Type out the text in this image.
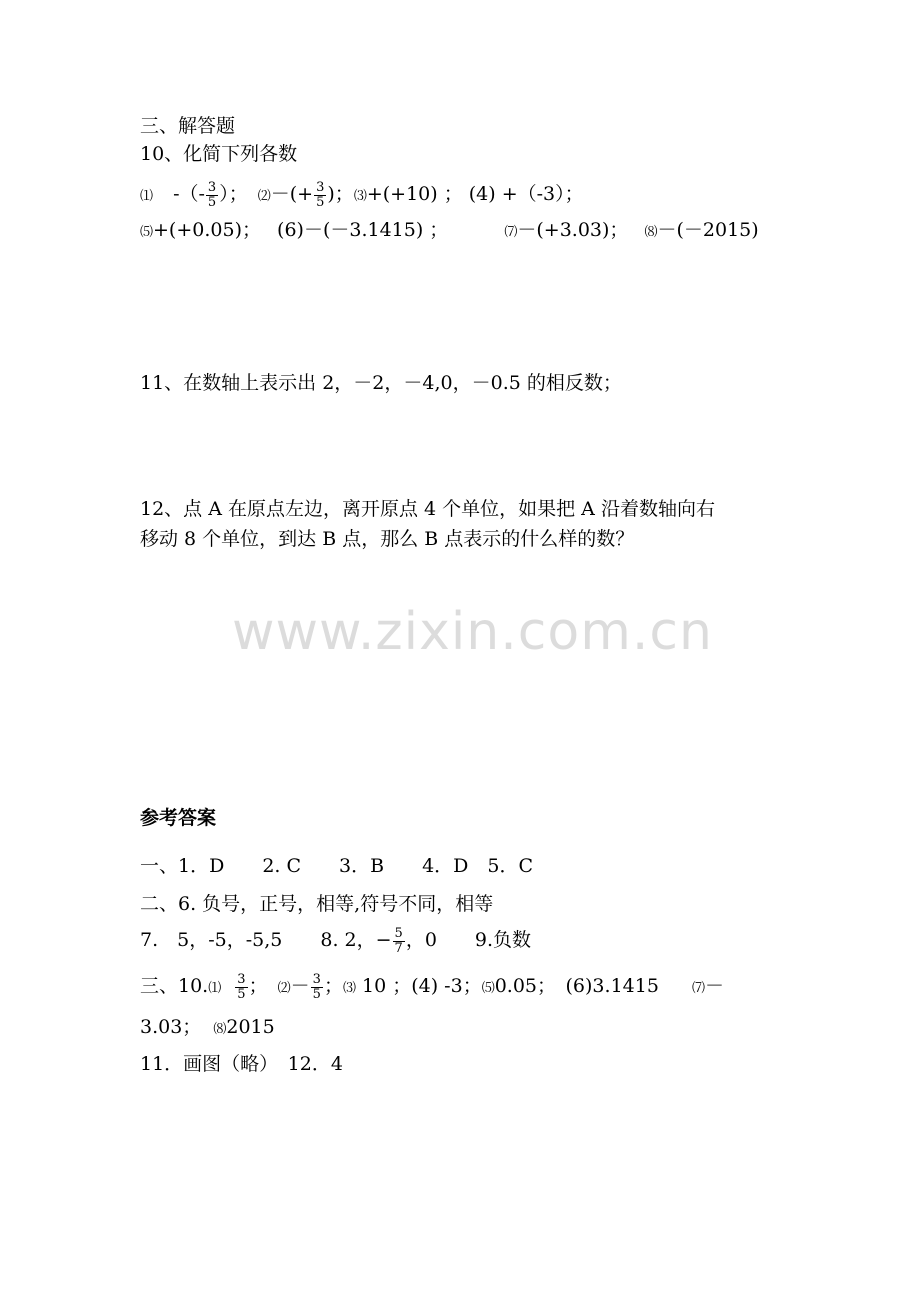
三、解答题
10、化简下列各数
⑴ -（- $\frac{3}{5}$ ）； ⑵－(+ $\frac{3}{5}$ )；⑶+(+10) ； (4) +（-3）；
⑸+(+0.05)； (6)－(－3.1415) ；	⑺－(+3.03)； ⑻－(－2015)
11、在数轴上表示出 2，－2，－4,0，－0.5 的相反数；
12、点 A 在原点左边，离开原点 4 个单位，如果把 A 沿着数轴向右
移动 8 个单位，到达 B 点，那么 B 点表示的什么样的数？
www.zixin.com.cn
参考答案
一、1．D　　2. C　　3．B　　4．D　5．C
二、6. 负号，正号，相等,符号不同，相等
7.　5，-5，-5,5　　8. 2，− $\frac{5}{7}$ ，0　　9.负数
三、10.⑴ $\frac{3}{5}$ ； ⑵－ $\frac{3}{5}$ ；⑶ 10 ；(4) -3；⑸0.05；　(6)3.1415　 ⑺－
3.03； ⑻2015
11．画图（略）　12．4
